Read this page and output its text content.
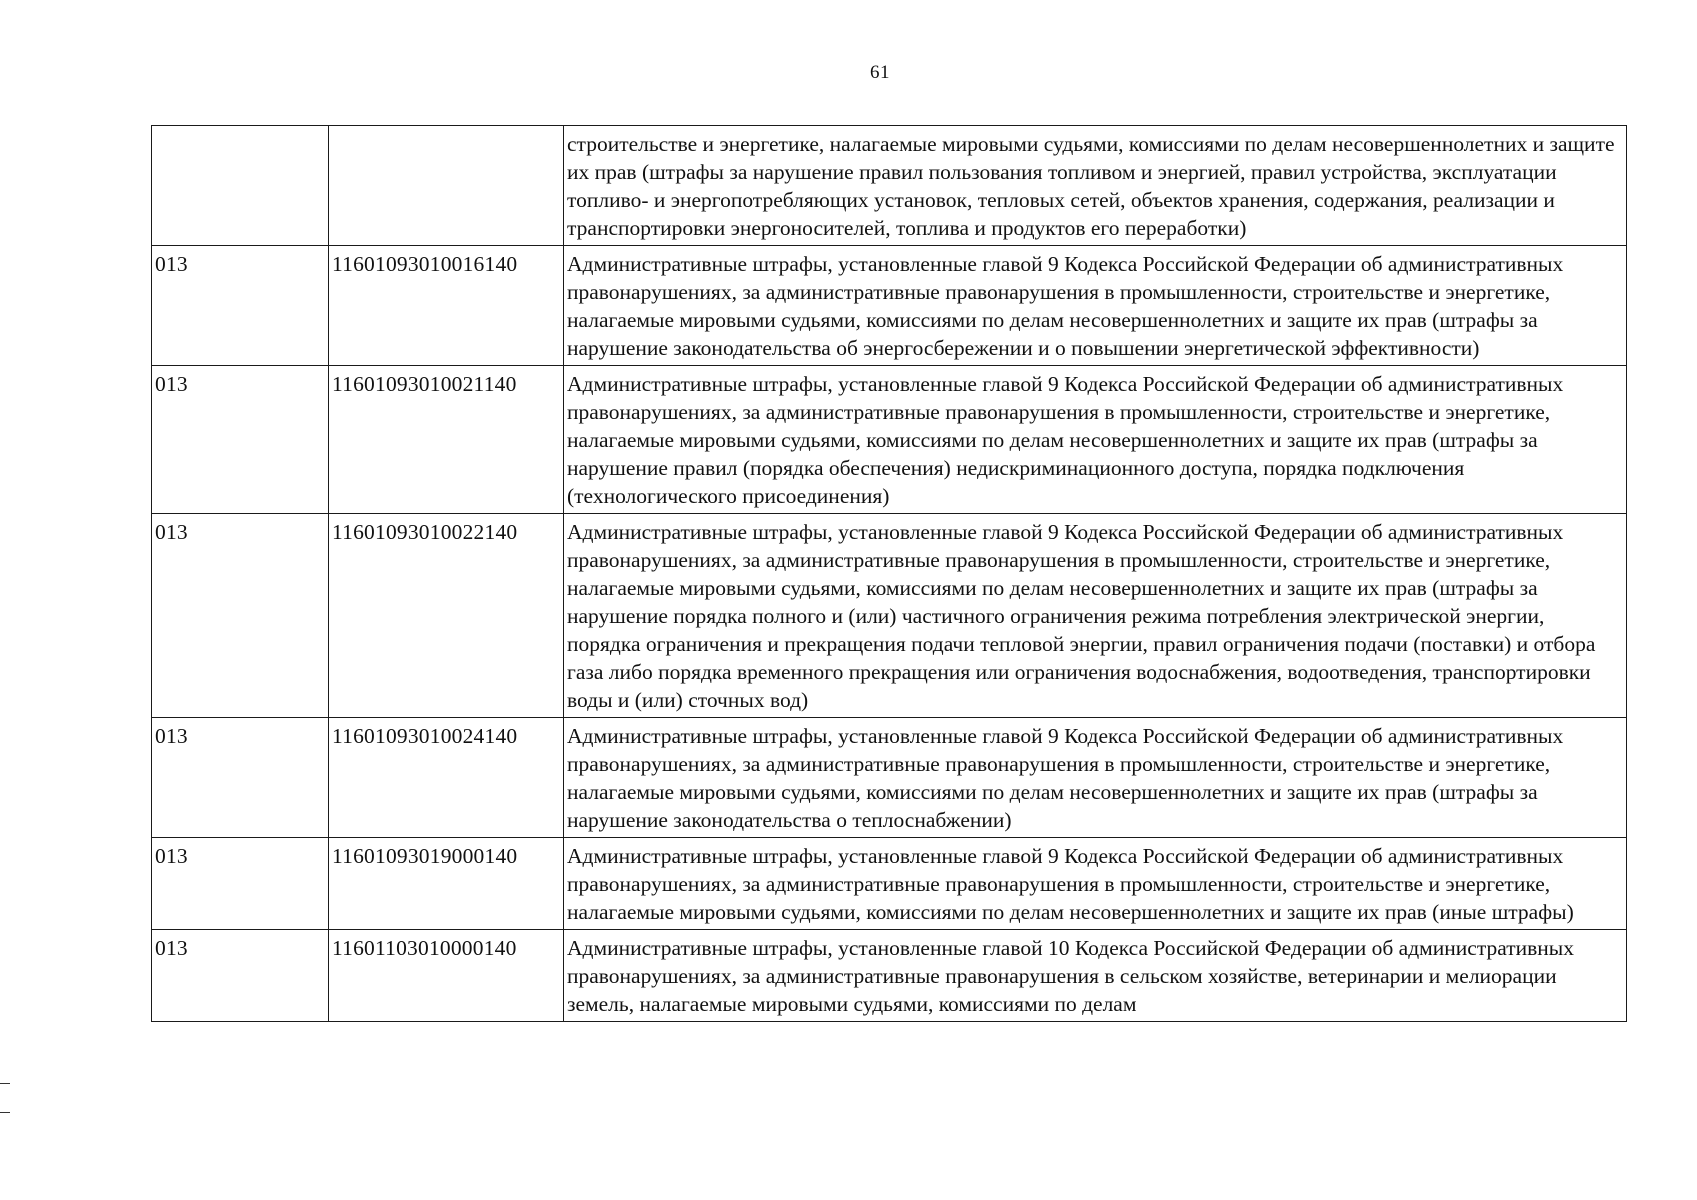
61
		строительстве и энергетике, налагаемые мировыми судьями, комиссиями по делам несовершеннолетних и защите их прав (штрафы за нарушение правил пользования топливом и энергией, правил устройства, эксплуатации топливо- и энергопотребляющих установок, тепловых сетей, объектов хранения, содержания, реализации и транспортировки энергоносителей, топлива и продуктов его переработки)
013	11601093010016140	Административные штрафы, установленные главой 9 Кодекса Российской Федерации об административных правонарушениях, за административные правонарушения в промышленности, строительстве и энергетике, налагаемые мировыми судьями, комиссиями по делам несовершеннолетних и защите их прав (штрафы за нарушение законодательства об энергосбережении и о повышении энергетической эффективности)
013	11601093010021140	Административные штрафы, установленные главой 9 Кодекса Российской Федерации об административных правонарушениях, за административные правонарушения в промышленности, строительстве и энергетике, налагаемые мировыми судьями, комиссиями по делам несовершеннолетних и защите их прав (штрафы за нарушение правил (порядка обеспечения) недискриминационного доступа, порядка подключения (технологического присоединения)
013	11601093010022140	Административные штрафы, установленные главой 9 Кодекса Российской Федерации об административных правонарушениях, за административные правонарушения в промышленности, строительстве и энергетике, налагаемые мировыми судьями, комиссиями по делам несовершеннолетних и защите их прав (штрафы за нарушение порядка полного и (или) частичного ограничения режима потребления электрической энергии, порядка ограничения и прекращения подачи тепловой энергии, правил ограничения подачи (поставки) и отбора газа либо порядка временного прекращения или ограничения водоснабжения, водоотведения, транспортировки воды и (или) сточных вод)
013	11601093010024140	Административные штрафы, установленные главой 9 Кодекса Российской Федерации об административных правонарушениях, за административные правонарушения в промышленности, строительстве и энергетике, налагаемые мировыми судьями, комиссиями по делам несовершеннолетних и защите их прав (штрафы за нарушение законодательства о теплоснабжении)
013	11601093019000140	Административные штрафы, установленные главой 9 Кодекса Российской Федерации об административных правонарушениях, за административные правонарушения в промышленности, строительстве и энергетике, налагаемые мировыми судьями, комиссиями по делам несовершеннолетних и защите их прав (иные штрафы)
013	11601103010000140	Административные штрафы, установленные главой 10 Кодекса Российской Федерации об административных правонарушениях, за административные правонарушения в сельском хозяйстве, ветеринарии и мелиорации земель, налагаемые мировыми судьями, комиссиями по делам
